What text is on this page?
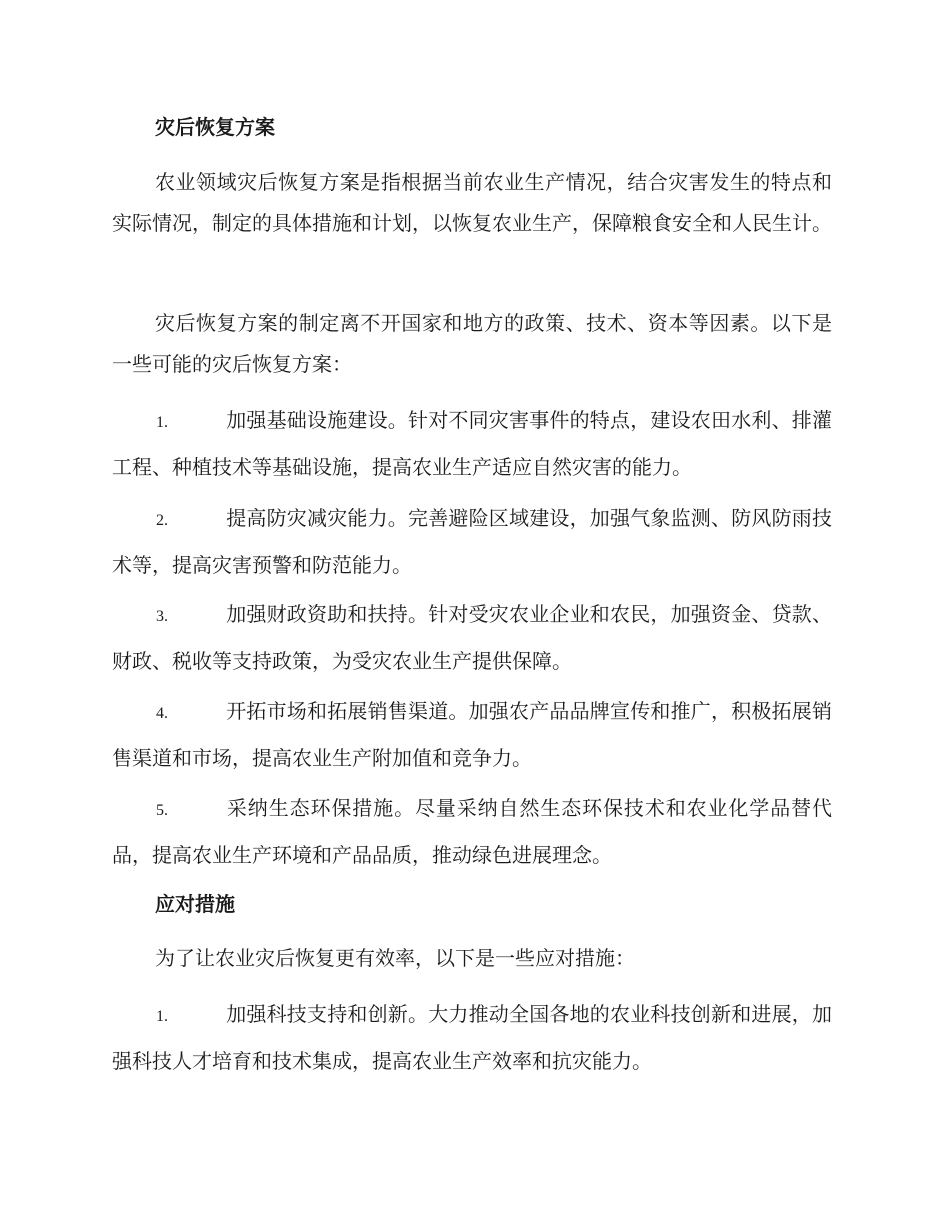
灾后恢复方案

农业领域灾后恢复方案是指根据当前农业生产情况，结合灾害发生的特点和实际情况，制定的具体措施和计划，以恢复农业生产，保障粮食安全和人民生计。

灾后恢复方案的制定离不开国家和地方的政策、技术、资本等因素。以下是一些可能的灾后恢复方案：

1.	加强基础设施建设。针对不同灾害事件的特点，建设农田水利、排灌工程、种植技术等基础设施，提高农业生产适应自然灾害的能力。

2.	提高防灾减灾能力。完善避险区域建设，加强气象监测、防风防雨技术等，提高灾害预警和防范能力。

3.	加强财政资助和扶持。针对受灾农业企业和农民，加强资金、贷款、财政、税收等支持政策，为受灾农业生产提供保障。

4.	开拓市场和拓展销售渠道。加强农产品品牌宣传和推广，积极拓展销售渠道和市场，提高农业生产附加值和竞争力。

5.	采纳生态环保措施。尽量采纳自然生态环保技术和农业化学品替代品，提高农业生产环境和产品品质，推动绿色进展理念。

应对措施

为了让农业灾后恢复更有效率，以下是一些应对措施：

1.	加强科技支持和创新。大力推动全国各地的农业科技创新和进展，加强科技人才培育和技术集成，提高农业生产效率和抗灾能力。
